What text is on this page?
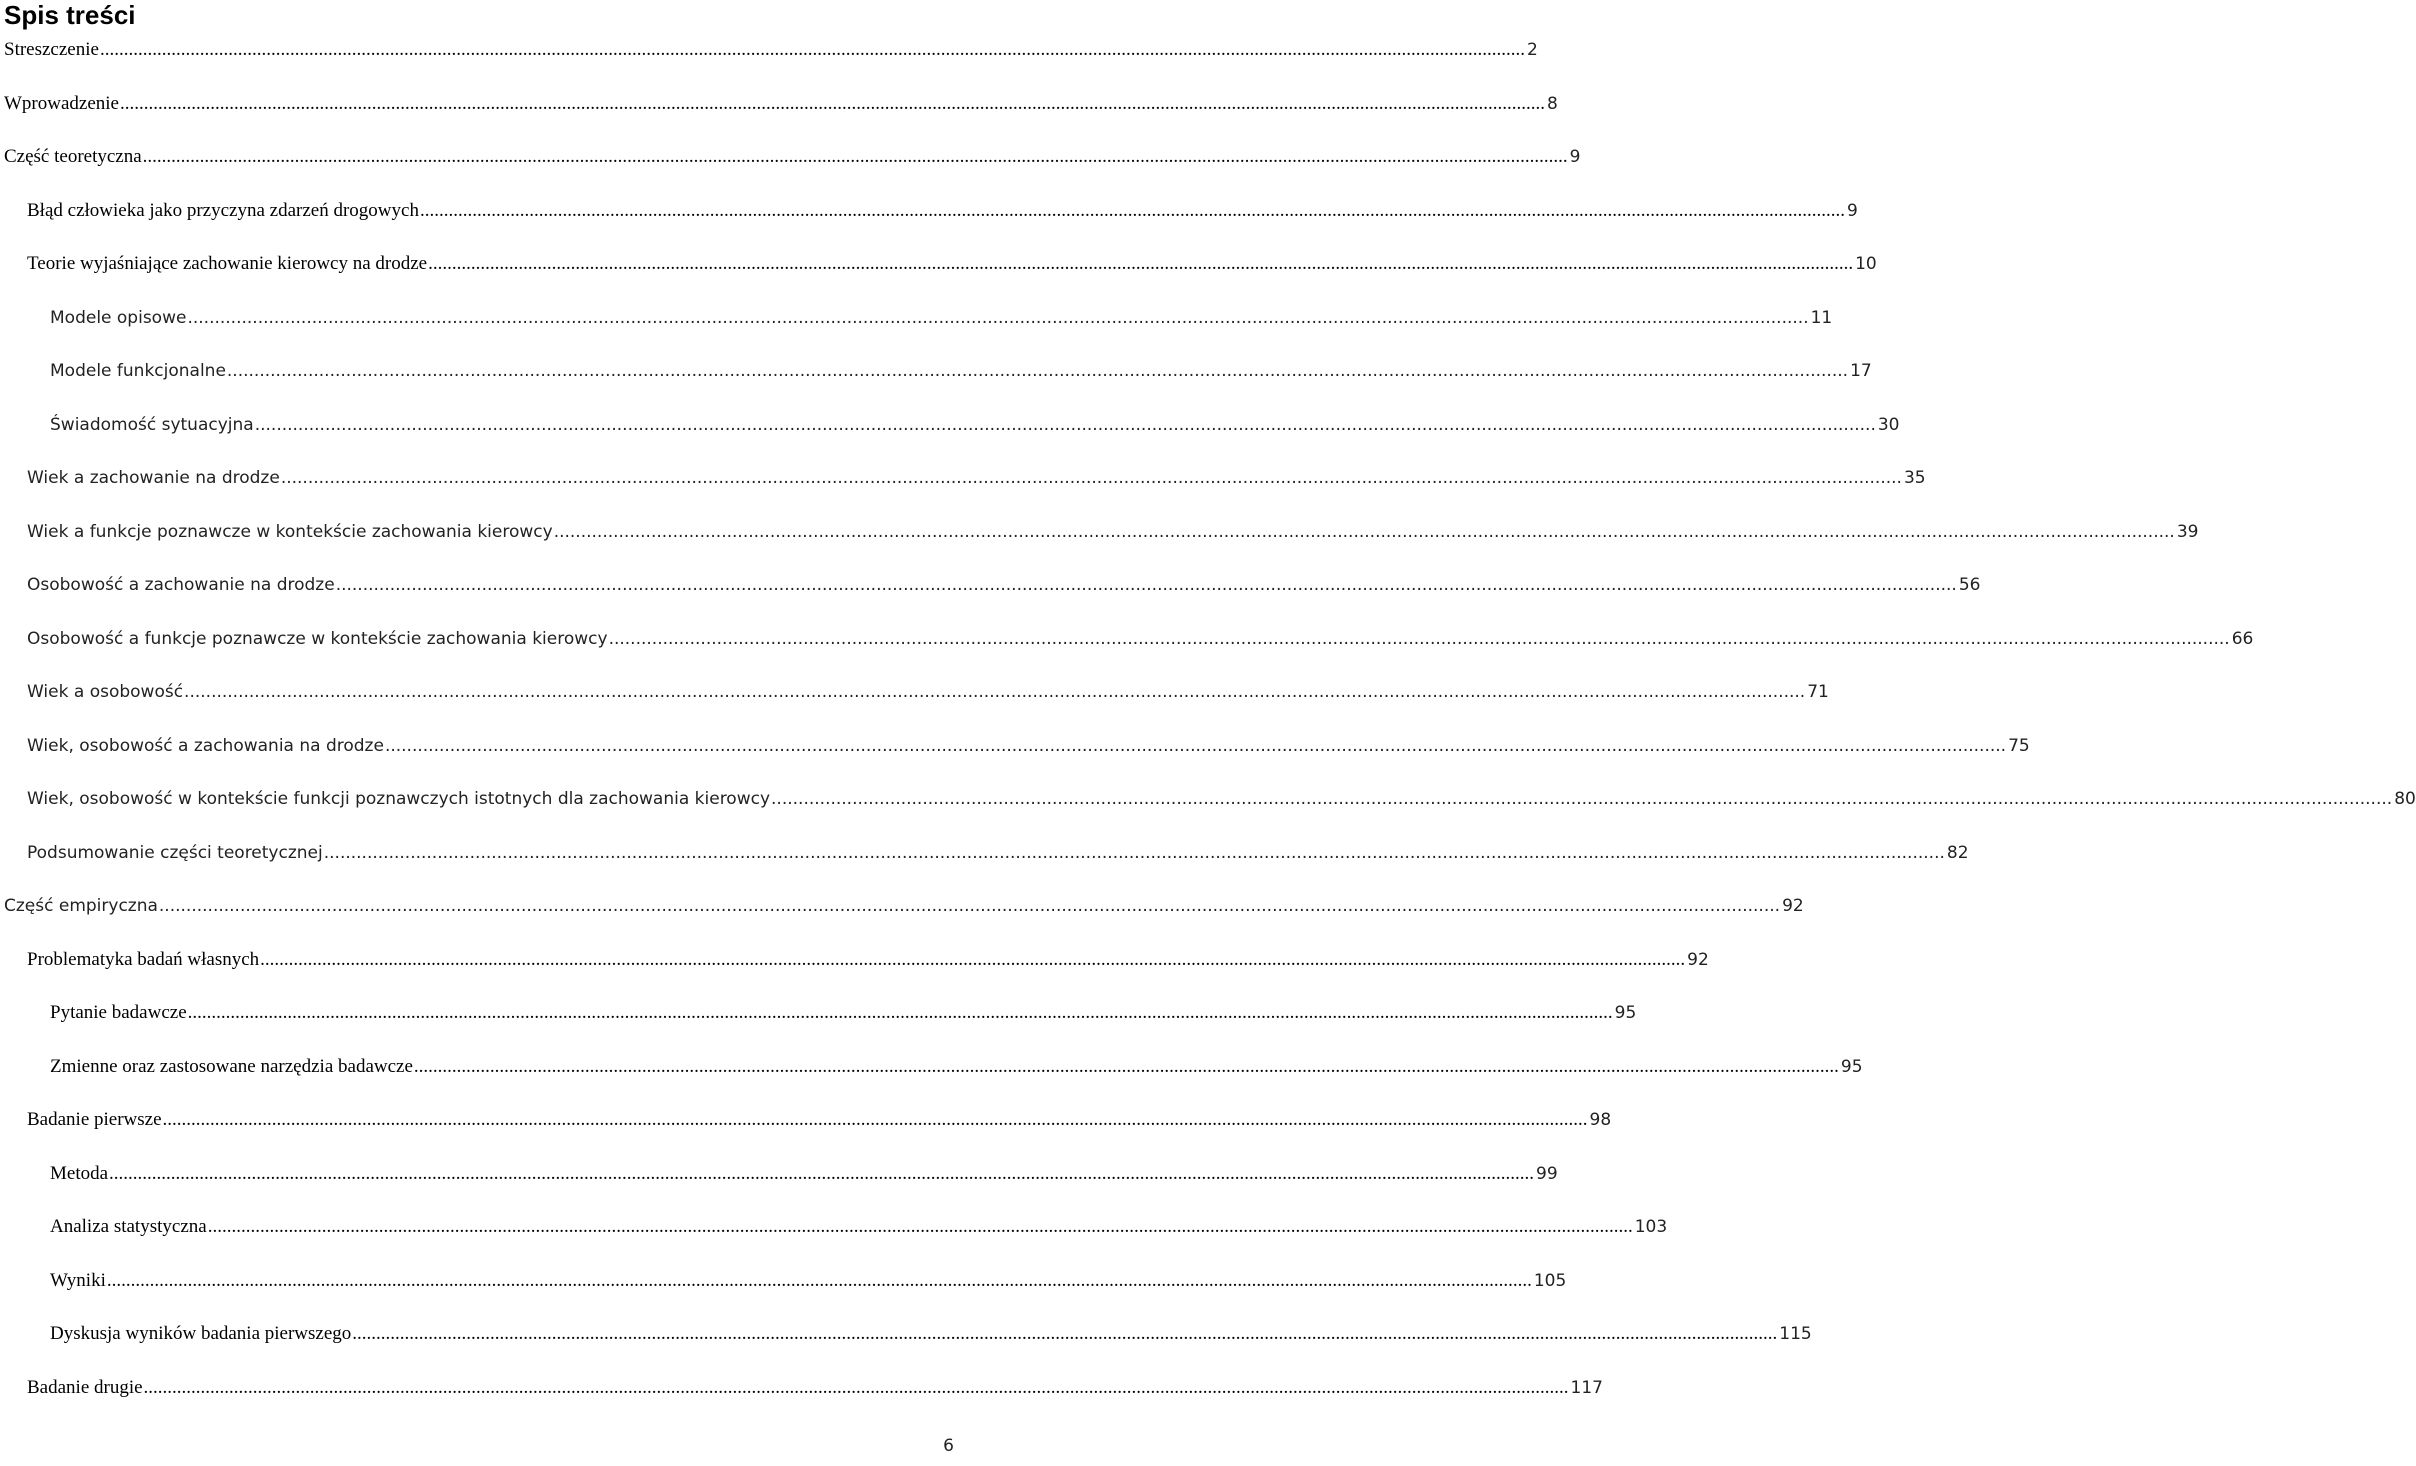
Spis treści
Streszczenie ............................................................................................................................................................................................................................................................................................................ 2
Wprowadzenie ............................................................................................................................................................................................................................................................................................................ 8
Część teoretyczna ............................................................................................................................................................................................................................................................................................................ 9
Błąd człowieka jako przyczyna zdarzeń drogowych ............................................................................................................................................................................................................................................................................................................ 9
Teorie wyjaśniające zachowanie kierowcy na drodze ............................................................................................................................................................................................................................................................................................................ 10
Modele opisowe ............................................................................................................................................................................................................................................................................................................ 11
Modele funkcjonalne ............................................................................................................................................................................................................................................................................................................ 17
Świadomość sytuacyjna ............................................................................................................................................................................................................................................................................................................ 30
Wiek a zachowanie na drodze ............................................................................................................................................................................................................................................................................................................ 35
Wiek a funkcje poznawcze w kontekście zachowania kierowcy ............................................................................................................................................................................................................................................................................................................ 39
Osobowość a zachowanie na drodze ............................................................................................................................................................................................................................................................................................................ 56
Osobowość a funkcje poznawcze w kontekście zachowania kierowcy ............................................................................................................................................................................................................................................................................................................ 66
Wiek a osobowość ............................................................................................................................................................................................................................................................................................................ 71
Wiek, osobowość a zachowania na drodze ............................................................................................................................................................................................................................................................................................................ 75
Wiek, osobowość w kontekście funkcji poznawczych istotnych dla zachowania kierowcy ............................................................................................................................................................................................................................................................................................................ 80
Podsumowanie części teoretycznej ............................................................................................................................................................................................................................................................................................................ 82
Część empiryczna ............................................................................................................................................................................................................................................................................................................ 92
Problematyka badań własnych ............................................................................................................................................................................................................................................................................................................ 92
Pytanie badawcze ............................................................................................................................................................................................................................................................................................................ 95
Zmienne oraz zastosowane narzędzia badawcze ............................................................................................................................................................................................................................................................................................................ 95
Badanie pierwsze ............................................................................................................................................................................................................................................................................................................ 98
Metoda ............................................................................................................................................................................................................................................................................................................ 99
Analiza statystyczna ............................................................................................................................................................................................................................................................................................................ 103
Wyniki ............................................................................................................................................................................................................................................................................................................ 105
Dyskusja wyników badania pierwszego ............................................................................................................................................................................................................................................................................................................ 115
Badanie drugie ............................................................................................................................................................................................................................................................................................................ 117

6
